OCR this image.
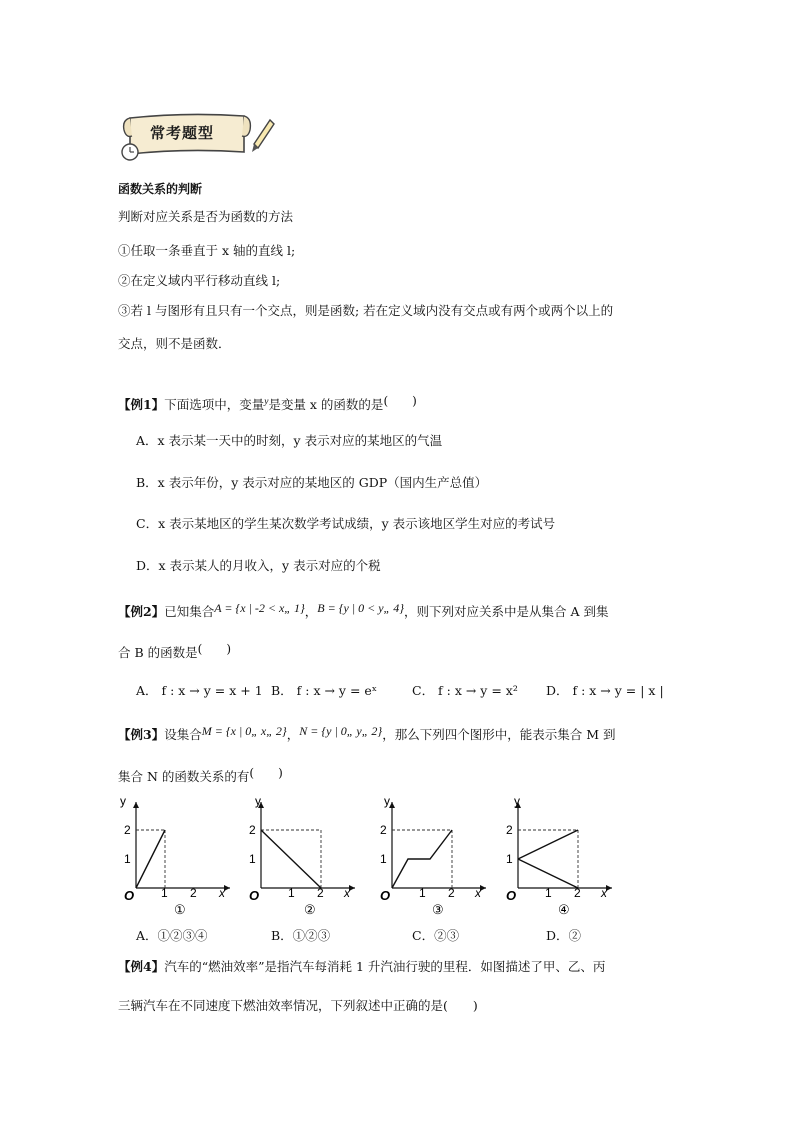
常考题型
函数关系的判断
判断对应关系是否为函数的方法
①任取一条垂直于 x 轴的直线 l;
②在定义域内平行移动直线 l;
③若 l 与图形有且只有一个交点，则是函数; 若在定义域内没有交点或有两个或两个以上的
交点，则不是函数．
【例1】下面选项中，变量$^y$是变量 x 的函数的是(　　)
A．x 表示某一天中的时刻，y 表示对应的某地区的气温
B．x 表示年份，y 表示对应的某地区的 GDP（国内生产总值）
C．x 表示某地区的学生某次数学考试成绩，y 表示该地区学生对应的考试号
D．x 表示某人的月收入，y 表示对应的个税
【例2】已知集合A = {x | -2 < x„ 1}，B = {y | 0 < y„ 4}，则下列对应关系中是从集合 A 到集
合 B 的函数是(　　)
A． f : x → y = x + 1 B． f : x → y = eˣ	C． f : x → y = x² D． f : x → y = | x |
【例3】设集合M = {x | 0„ x„ 2}，N = {y | 0„ y„ 2}，那么下列四个图形中，能表示集合 M 到
集合 N 的函数关系的有(　　)
y
2
1
O 1 2 x
①
y
2
1
O 1 2 x
②
y
2
1
O 1 2 x
③
y
2
1
O 1 2 x
④
A．①②③④	B．①②③	C．②③	D．②
【例4】汽车的“燃油效率”是指汽车每消耗 1 升汽油行驶的里程．如图描述了甲、乙、丙
三辆汽车在不同速度下燃油效率情况，下列叙述中正确的是(　　)
